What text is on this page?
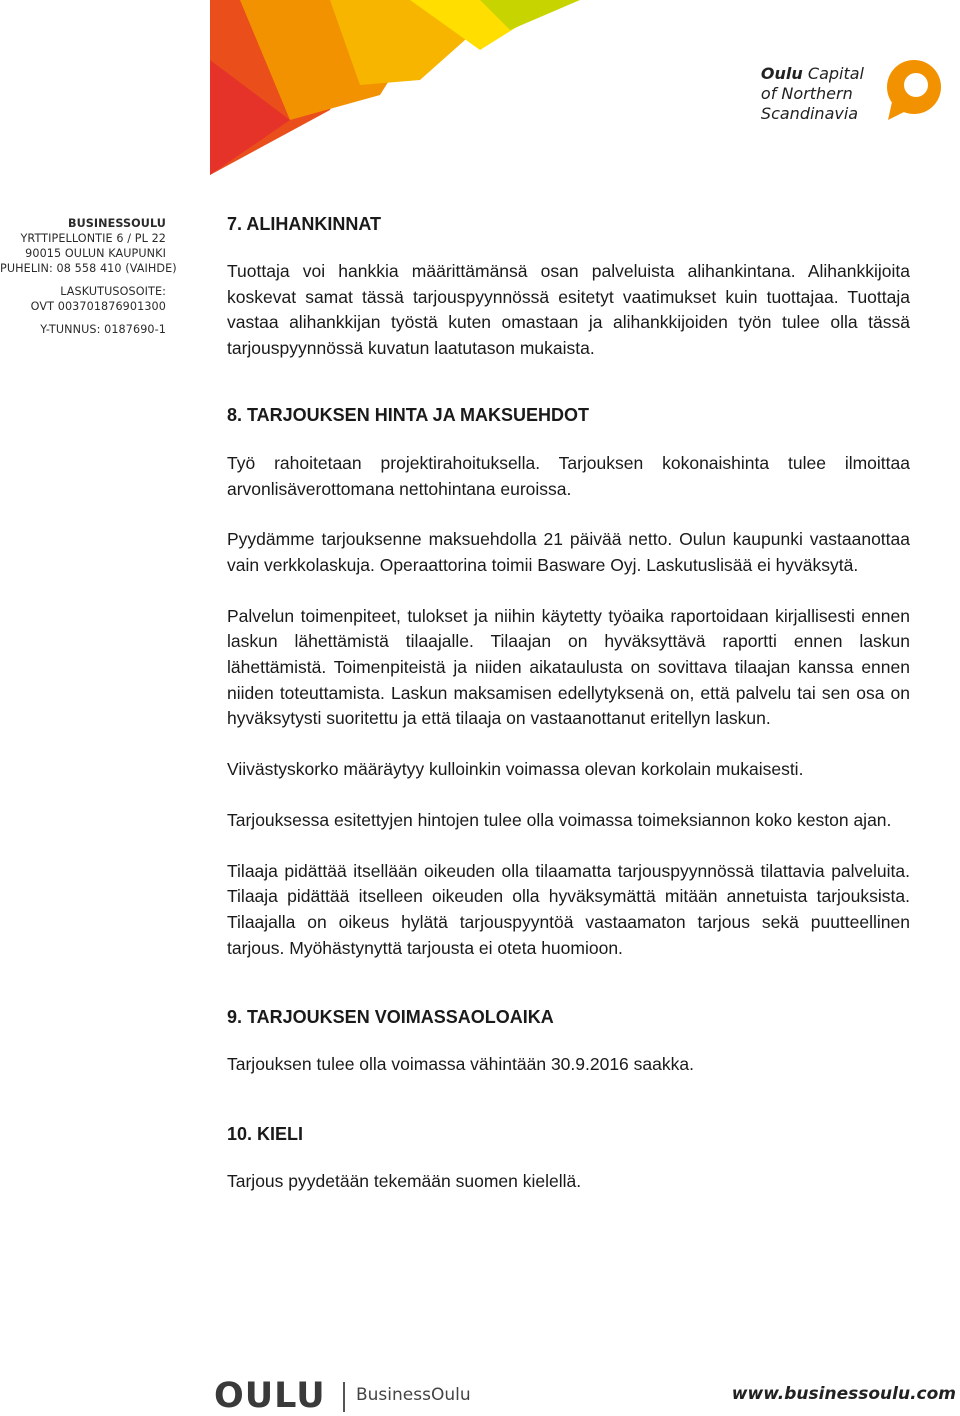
Oulu Capital
of Northern
Scandinavia
BUSINESSOULU
YRTTIPELLONTIE 6 / PL 22
90015 OULUN KAUPUNKI
PUHELIN: 08 558 410 (VAIHDE)
LASKUTUSOSOITE:
OVT 003701876901300
Y-TUNNUS: 0187690-1
7. ALIHANKINNAT

Tuottaja voi hankkia määrittämänsä osan palveluista alihankintana. Alihankkijoita koskevat samat tässä tarjouspyynnössä esitetyt vaatimukset kuin tuottajaa. Tuottaja vastaa alihankkijan työstä kuten omastaan ja alihankkijoiden työn tulee olla tässä tarjouspyynnössä kuvatun laatutason mukaista.

8. TARJOUKSEN HINTA JA MAKSUEHDOT

Työ rahoitetaan projektirahoituksella. Tarjouksen kokonaishinta tulee ilmoittaa arvonlisäverottomana nettohintana euroissa.

Pyydämme tarjouksenne maksuehdolla 21 päivää netto. Oulun kaupunki vastaanottaa vain verkkolaskuja. Operaattorina toimii Basware Oyj. Laskutuslisää ei hyväksytä.

Palvelun toimenpiteet, tulokset ja niihin käytetty työaika raportoidaan kirjallisesti ennen laskun lähettämistä tilaajalle. Tilaajan on hyväksyttävä raportti ennen laskun lähettämistä. Toimenpiteistä ja niiden aikataulusta on sovittava tilaajan kanssa ennen niiden toteuttamista. Laskun maksamisen edellytyksenä on, että palvelu tai sen osa on hyväksytysti suoritettu ja että tilaaja on vastaanottanut eritellyn laskun.

Viivästyskorko määräytyy kulloinkin voimassa olevan korkolain mukaisesti.

Tarjouksessa esitettyjen hintojen tulee olla voimassa toimeksiannon koko keston ajan.

Tilaaja pidättää itsellään oikeuden olla tilaamatta tarjouspyynnössä tilattavia palveluita. Tilaaja pidättää itselleen oikeuden olla hyväksymättä mitään annetuista tarjouksista. Tilaajalla on oikeus hylätä tarjouspyyntöä vastaamaton tarjous sekä puutteellinen tarjous. Myöhästynyttä tarjousta ei oteta huomioon.

9. TARJOUKSEN VOIMASSAOLOAIKA

Tarjouksen tulee olla voimassa vähintään 30.9.2016 saakka.

10. KIELI

Tarjous pyydetään tekemään suomen kielellä.

OULU BusinessOulu	www.businessoulu.com
